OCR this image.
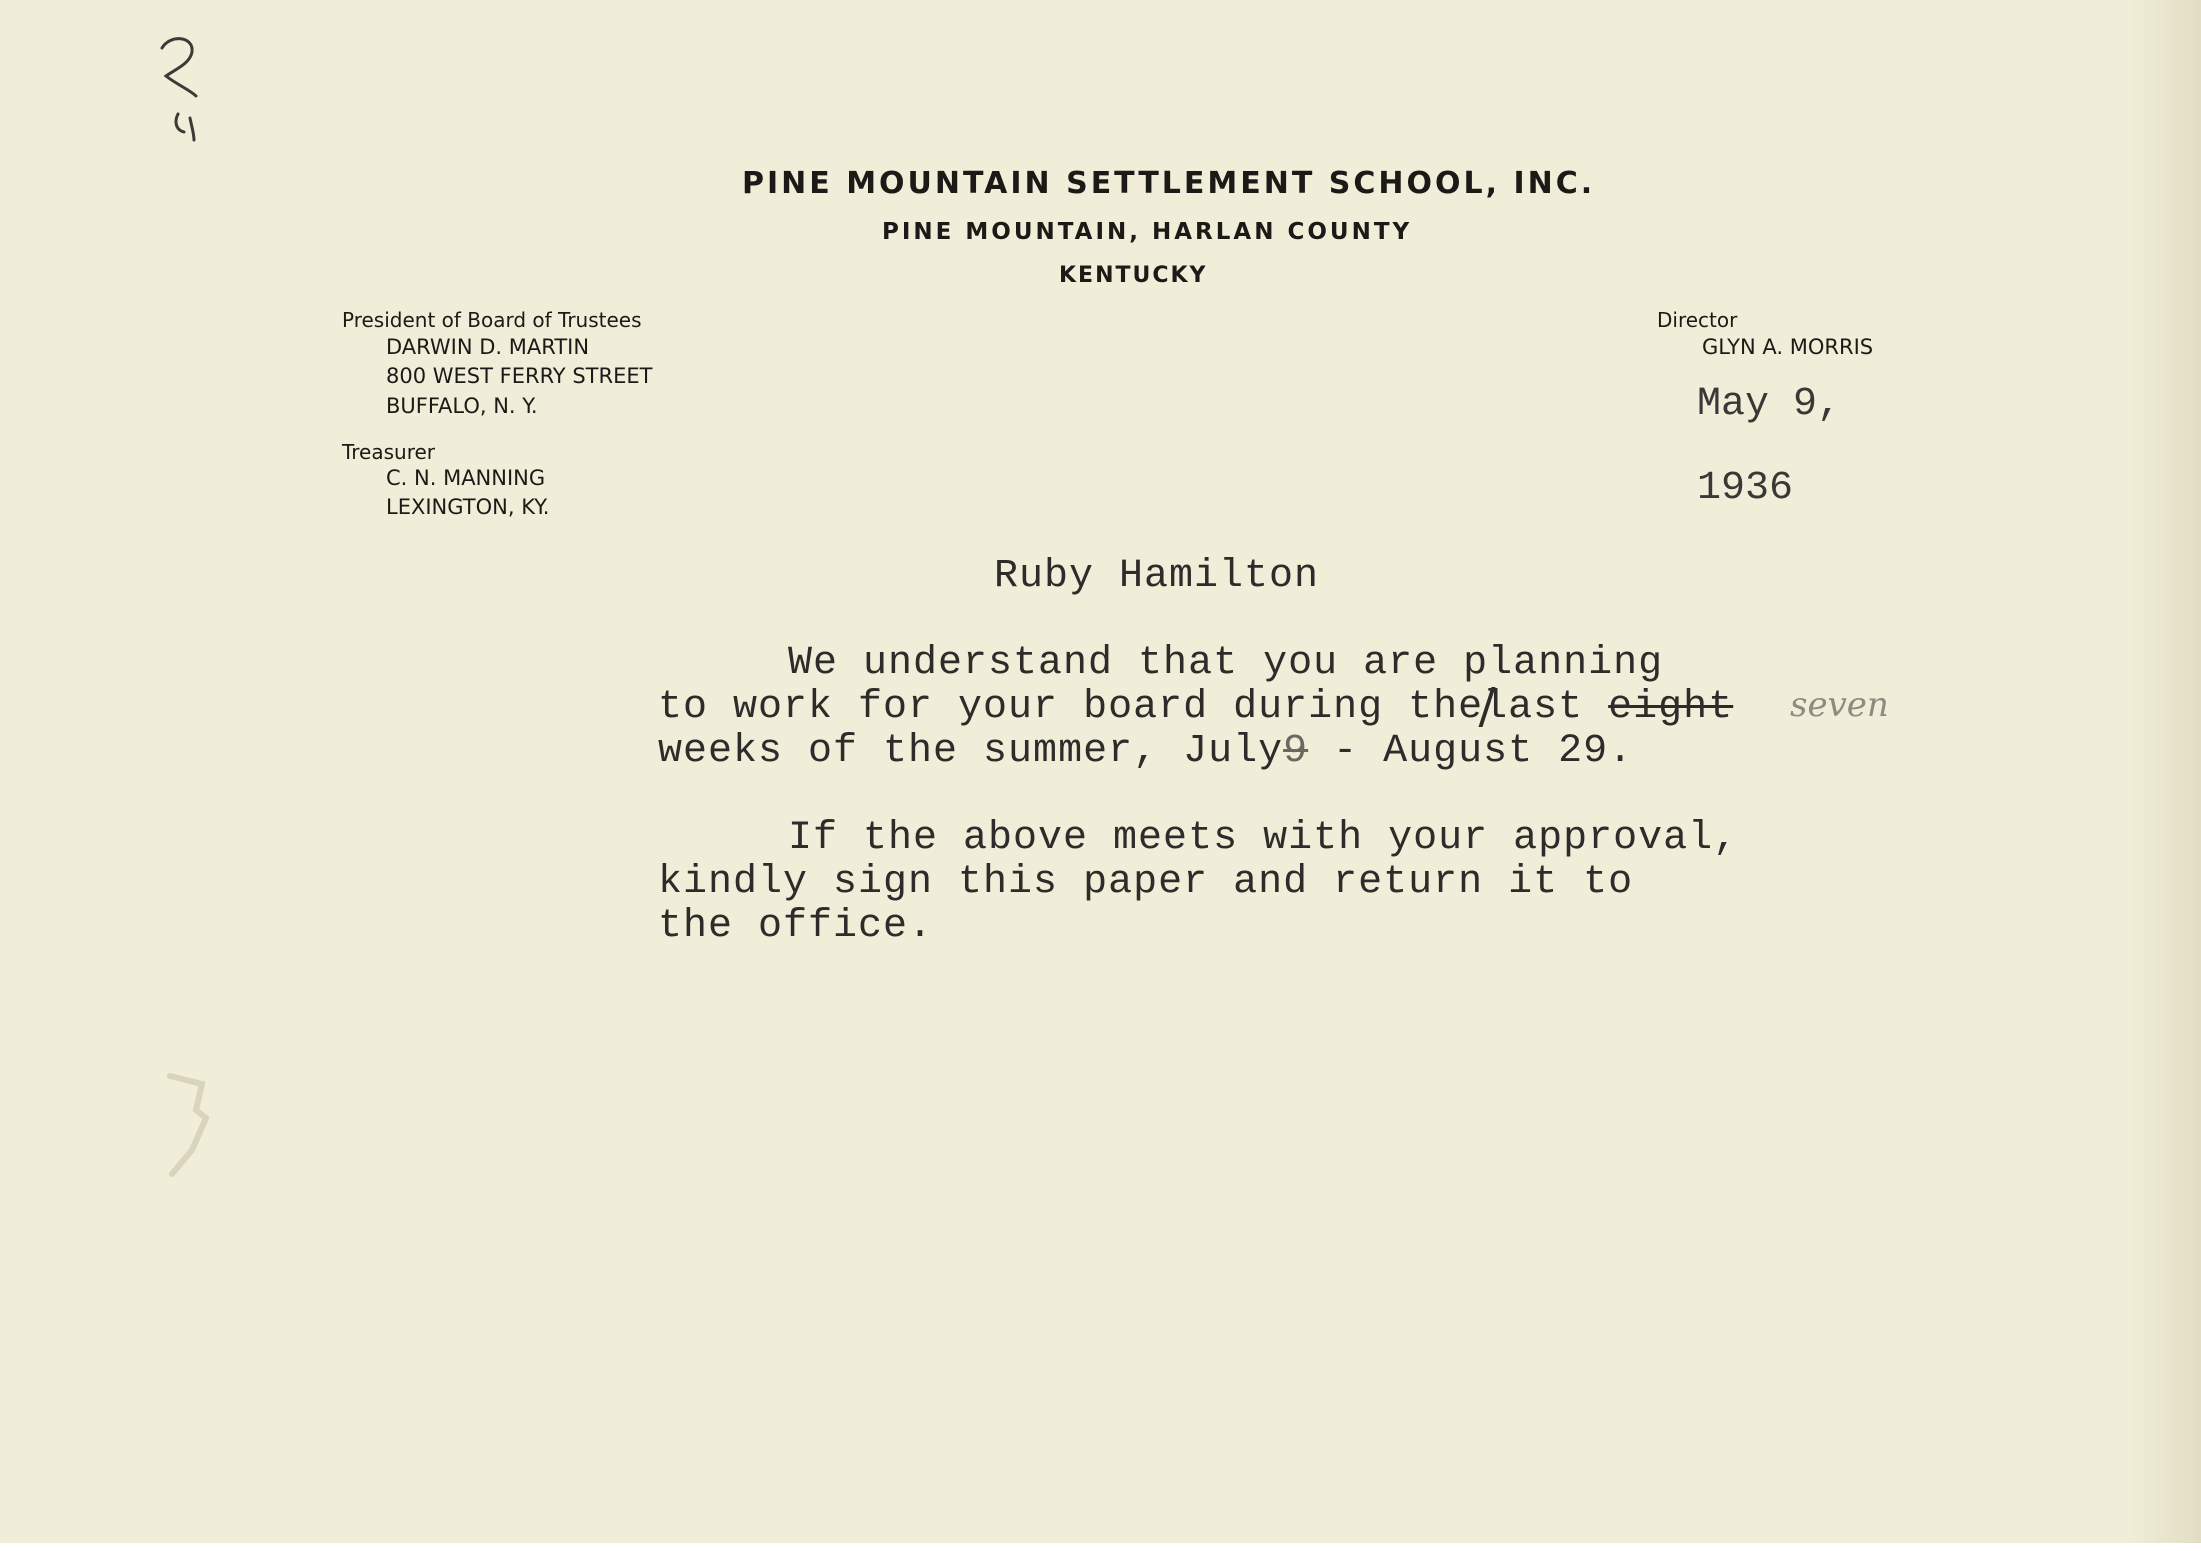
PINE MOUNTAIN SETTLEMENT SCHOOL, INC.
PINE MOUNTAIN, HARLAN COUNTY
KENTUCKY
President of Board of Trustees
DARWIN D. MARTIN
800 WEST FERRY STREET
BUFFALO, N. Y.
Treasurer
C. N. MANNING
LEXINGTON, KY.
Director
GLYN A. MORRIS
May 9,
1936
Ruby Hamilton
We understand that you are planning
to work for your board during thelast eight seven
weeks of the summer, July9 - August 29.
If the above meets with your approval,
kindly sign this paper and return it to
the office.
